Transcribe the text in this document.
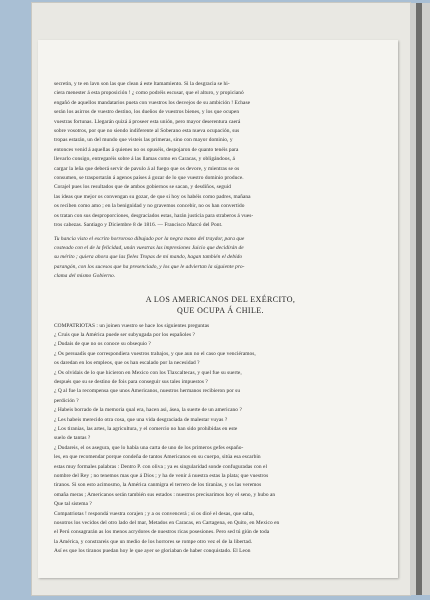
secretin, y te en lavn son las que clean á este ltamamiento. Si la desgracia se hi-
ciera menester á esta proposición ! ¿ como podréis escusar, que el alturo, y propicianó
engañó de aquellos mandatarios pueta con vuestros los desvejos de su ambición ! Echase
serán los asirros de vuestro destino, los dueños de vuestros bienes, y los que ocupen
vuestras fortunas. Llegarán quizá á proseer esta unión, pero mayor deserentura caerá
sobre vosotros, por que no siendo indiferente al Soberano esta nueva ocupación, sus
tropas estarán, un del mundo que visteis las primeras, sino con mayor dominio, y
entonces venid á aquellas á quienes no os opuséis, despojaron de quanto tenéis para
llevarlo consigo, entregaréis sobre á las llamas como en Caracas, y obligándoos, á
cargar la leña que deberá servir de pavulo á al fuego que os devore, y mientras se os
consumen, se trasportarán á agenos países á gozar de lo que vuestro dominio produce.
Corajel pues los resultados que de ambos gobiernos se sacan, y desdiños, seguid
las ideas que mejor os convengan su gozar, de que si hoy os habéis como padres, mañana
os reciben como amo ; en la benignidad y no gravemos concebir, no os han convertido
os tratan con sus desproporciones, desgraciados estas, harán justicia para straberos á vues-
tros cabezas. Santiago y Diciembre 8 de 1816. — Francisco Marcó del Pont.
Tu hancia visto el escrito horroroso dibujado por la negra mano del traydor, para que
costeado con el de la felicidad, unán vuestras las impresiones Juicio que decidirán de
su mérito ; quiera ahora que las fieles Tropas de mi mando, hagan también el debido
parangón, con los sucesos que ha presenciado, y los que le adviertan la siguiente pro-
clama del mismo Gobierno.
A LOS AMERICANOS DEL EXÉRCITO,
QUE OCUPA Á CHILE.
COMPATRIOTAS : un joinen vuestro se hace los siguientes preguntas
¿ Cruis que la América puede ser subyugada por los españoles ?
¿ Dudais de que no os conoce su obsequio ?
¿ Os persuadís que correspondiera vuestros trabajos, y que aun no el caso que venciéramos,
os daredan en los empleos, que os han escalado por la necesidad ?
¿ Os olvidais de lo que hicieron en Mexico con los Tlaxcaltecas, y quel fue su suerte,
después que su se destino de fois para conseguir sus tales impuestos ?
¿ Q al fue la recompensa que unos Americanos, nuestros hermanos recibieron por su
perdición ?
¿ Habeis borrado de la memoria qual era, hacen asi, ásea, la suerte de un americano ?
¿ Les habeis merecido otra cosa, que una vida desgraciada de malestar vuyas ?
¿ Los tiranias, las artes, la agricultura, y el comercio no han sido prohibidas en este
suelo de tantas ?
¿ Dudareis, el os asegura, que lo había una carta de uno de los primeros gefes españo-
les, en que recomendar porque condeña de tantos Americanos en su cuerpo, sitúa esa escarbin
estas muy formales palabras : Dentro P. con oliva ; ya es singularidad sonde confuguradas con el
nombre del Rey ; no tenemos mas que á Dios ; y ha de venir á nuestra estas la plata; que vuestros
tiranos. Si son esto acimosmo, la América canmigra el terrero de los tiranías, y os las veremos
omaña meras ; Americanos serán también sus estados : nuestros precisarimos hoy el seno, y hubo an
Que tal sistema ?
Compatriotas ! respondá vuestra corajen ; y a os convencerá ; si os dicé el desas, que salta,
nosotros los vecidos del otro lado del mar, Metados en Caracas, en Cartagena, en Quito, en Mexico en
el Perú consagrarán as los menos acrydores de nuestros ricas posesiones. Pero sed tú giún de toda
la América, y constrareis que un medio de los horrores se rompe otro vez el de la libertad.
Así es que los tiranos puedan hoy le que ayer se gloriaban de haber conquistado. El Leon
